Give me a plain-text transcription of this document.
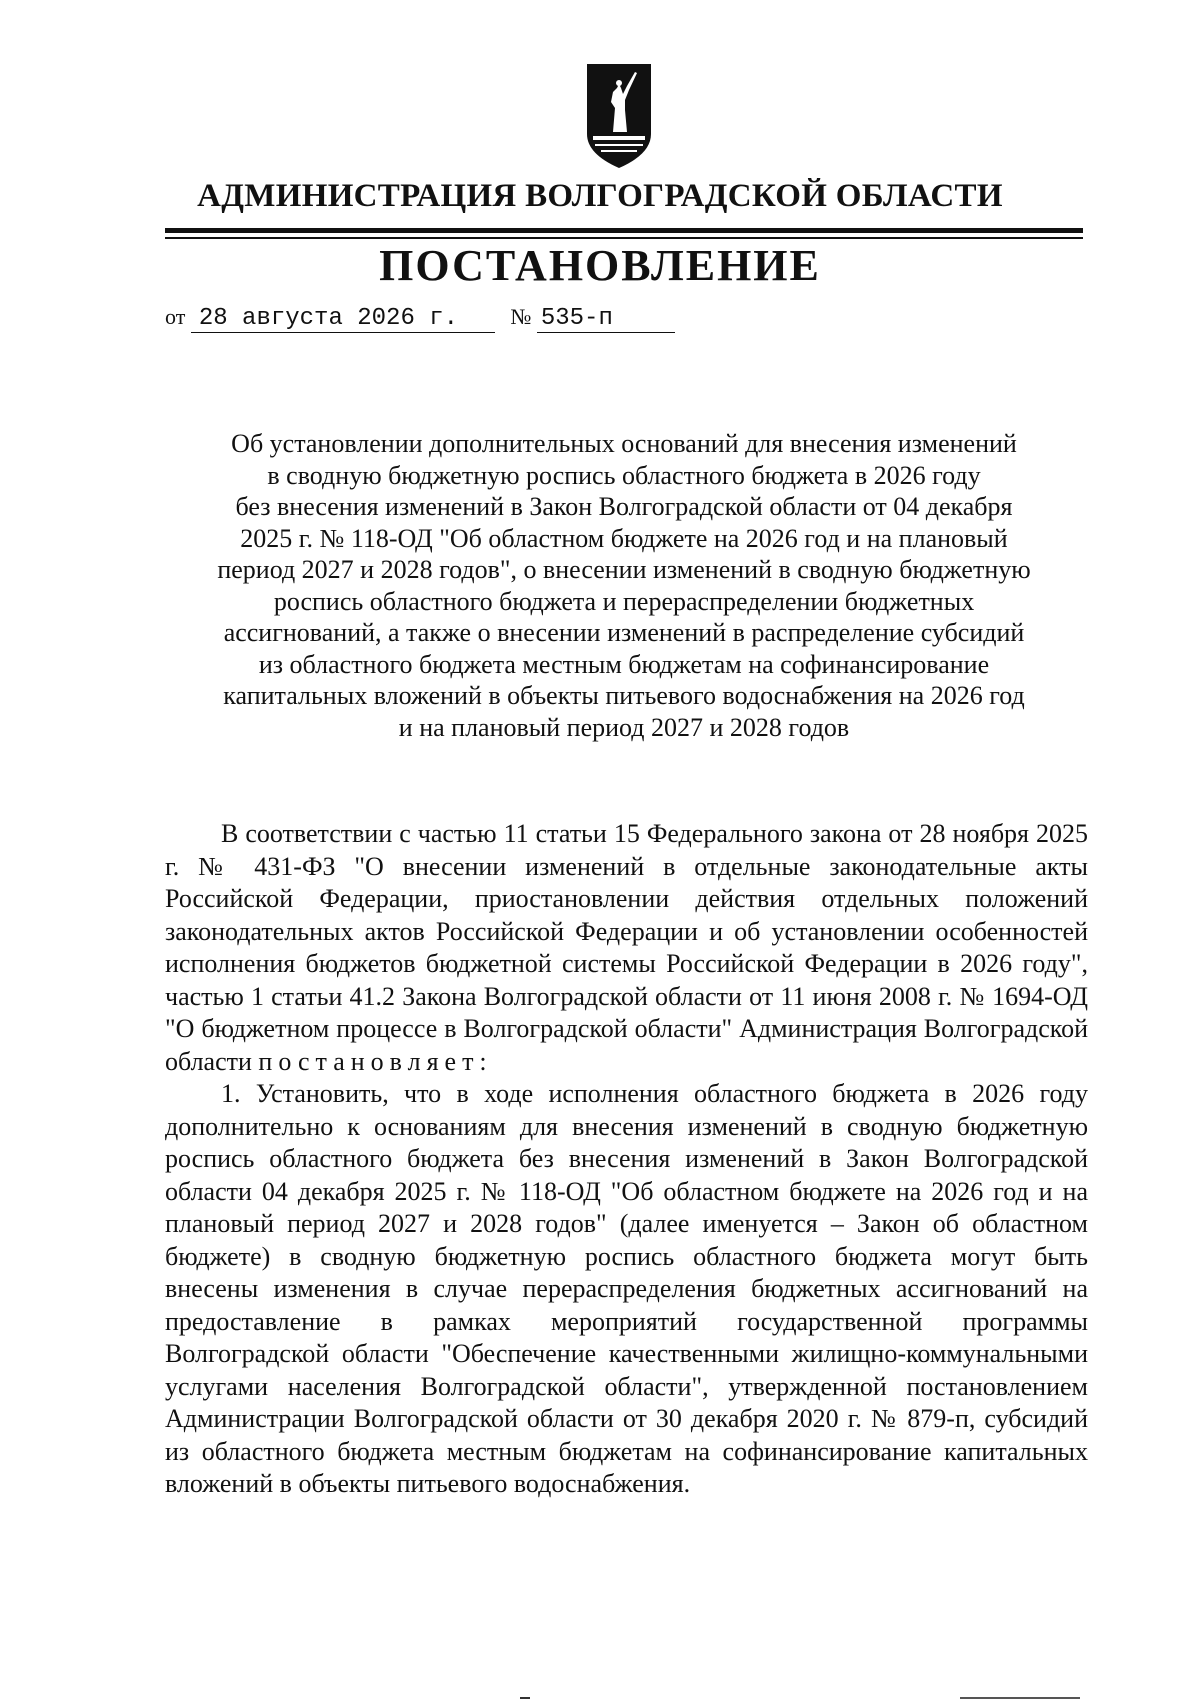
АДМИНИСТРАЦИЯ ВОЛГОГРАДСКОЙ ОБЛАСТИ
ПОСТАНОВЛЕНИЕ
от 28 августа 2026 г. № 535-п
Об установлении дополнительных оснований для внесения изменений
в сводную бюджетную роспись областного бюджета в 2026 году
без внесения изменений в Закон Волгоградской области от 04 декабря
2025 г. № 118-ОД "Об областном бюджете на 2026 год и на плановый
период 2027 и 2028 годов", о внесении изменений в сводную бюджетную
роспись областного бюджета и перераспределении бюджетных
ассигнований, а также о внесении изменений в распределение субсидий
из областного бюджета местным бюджетам на софинансирование
капитальных вложений в объекты питьевого водоснабжения на 2026 год
и на плановый период 2027 и 2028 годов

В соответствии с частью 11 статьи 15 Федерального закона от 28 ноября 2025 г. № 431-ФЗ "О внесении изменений в отдельные законодательные акты Российской Федерации, приостановлении действия отдельных положений законодательных актов Российской Федерации и об установлении особенностей исполнения бюджетов бюджетной системы Российской Федерации в 2026 году", частью 1 статьи 41.2 Закона Волгоградской области от 11 июня 2008 г. № 1694-ОД "О бюджетном процессе в Волгоградской области" Администрация Волгоградской области постановляет:

1. Установить, что в ходе исполнения областного бюджета в 2026 году дополнительно к основаниям для внесения изменений в сводную бюджетную роспись областного бюджета без внесения изменений в Закон Волгоградской области 04 декабря 2025 г. № 118-ОД "Об областном бюджете на 2026 год и на плановый период 2027 и 2028 годов" (далее именуется – Закон об областном бюджете) в сводную бюджетную роспись областного бюджета могут быть внесены изменения в случае перераспределения бюджетных ассигнований на предоставление в рамках мероприятий государственной программы Волгоградской области "Обеспечение качественными жилищно-коммунальными услугами населения Волгоградской области", утвержденной постановлением Администрации Волгоградской области от 30 декабря 2020 г. № 879-п, субсидий из областного бюджета местным бюджетам на софинансирование капитальных вложений в объекты питьевого водоснабжения.
